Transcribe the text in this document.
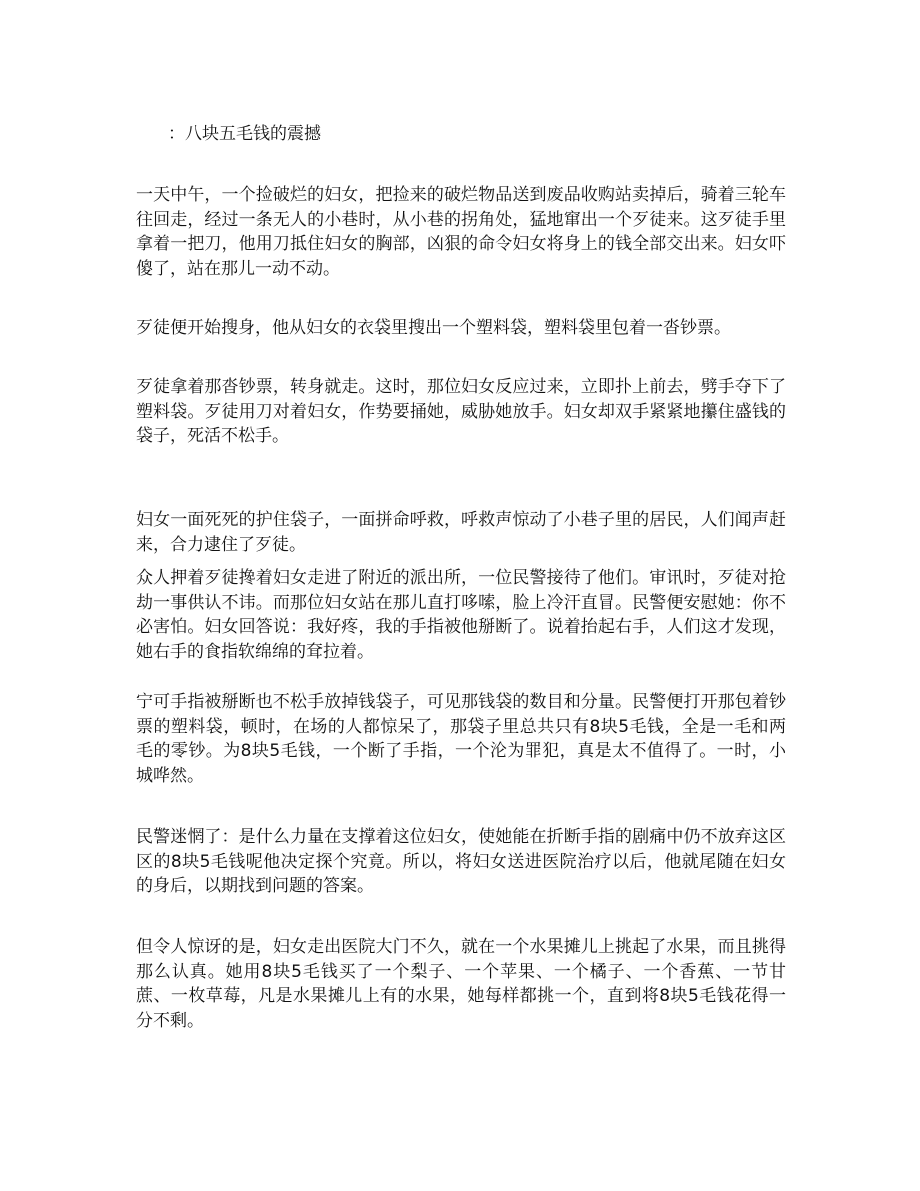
：八块五毛钱的震撼

一天中午，一个捡破烂的妇女，把捡来的破烂物品送到废品收购站卖掉后，骑着三轮车往回走，经过一条无人的小巷时，从小巷的拐角处，猛地窜出一个歹徒来。这歹徒手里拿着一把刀，他用刀抵住妇女的胸部，凶狠的命令妇女将身上的钱全部交出来。妇女吓傻了，站在那儿一动不动。

歹徒便开始搜身，他从妇女的衣袋里搜出一个塑料袋，塑料袋里包着一沓钞票。

歹徒拿着那沓钞票，转身就走。这时，那位妇女反应过来，立即扑上前去，劈手夺下了塑料袋。歹徒用刀对着妇女，作势要捅她，威胁她放手。妇女却双手紧紧地攥住盛钱的袋子，死活不松手。

妇女一面死死的护住袋子，一面拼命呼救，呼救声惊动了小巷子里的居民，人们闻声赶来，合力逮住了歹徒。

众人押着歹徒搀着妇女走进了附近的派出所，一位民警接待了他们。审讯时，歹徒对抢劫一事供认不讳。而那位妇女站在那儿直打哆嗦，脸上冷汗直冒。民警便安慰她：你不必害怕。妇女回答说：我好疼，我的手指被他掰断了。说着抬起右手，人们这才发现，她右手的食指软绵绵的耷拉着。

宁可手指被掰断也不松手放掉钱袋子，可见那钱袋的数目和分量。民警便打开那包着钞票的塑料袋，顿时，在场的人都惊呆了，那袋子里总共只有8块5毛钱，全是一毛和两毛的零钞。为8块5毛钱，一个断了手指，一个沦为罪犯，真是太不值得了。一时，小城哗然。

民警迷惘了：是什么力量在支撑着这位妇女，使她能在折断手指的剧痛中仍不放弃这区区的8块5毛钱呢他决定探个究竟。所以，将妇女送进医院治疗以后，他就尾随在妇女的身后，以期找到问题的答案。

但令人惊讶的是，妇女走出医院大门不久，就在一个水果摊儿上挑起了水果，而且挑得那么认真。她用8块5毛钱买了一个梨子、一个苹果、一个橘子、一个香蕉、一节甘蔗、一枚草莓，凡是水果摊儿上有的水果，她每样都挑一个，直到将8块5毛钱花得一分不剩。
